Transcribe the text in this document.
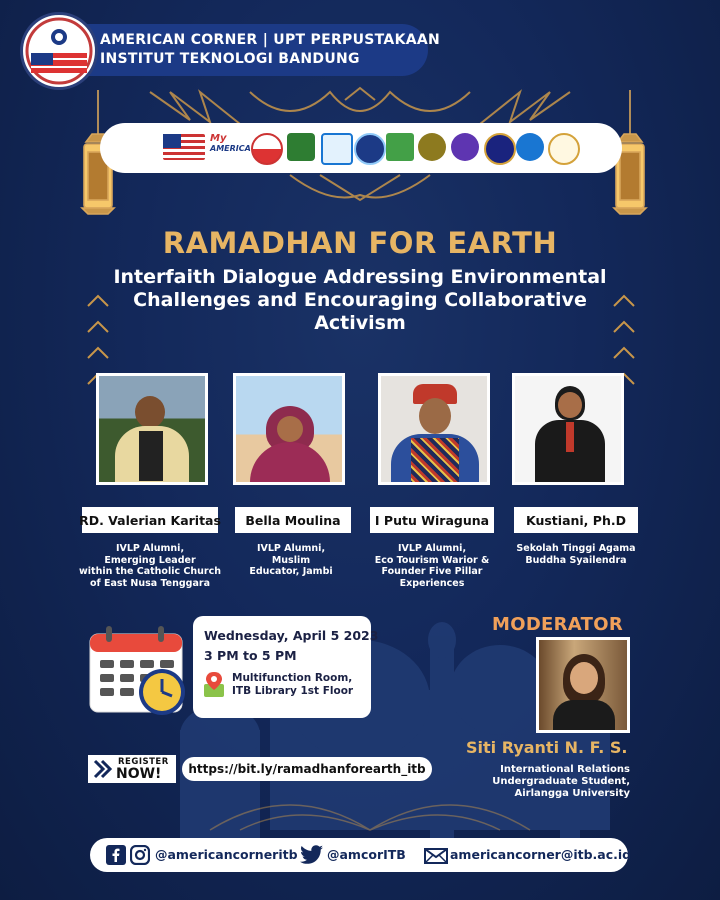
AMERICAN CORNER | UPT PERPUSTAKAAN
INSTITUT TEKNOLOGI BANDUNG
My
AMERICA
RAMADHAN FOR EARTH
Interfaith Dialogue Addressing Environmental Challenges and Encouraging Collaborative Activism
RD. Valerian Karitas	Bella Moulina	I Putu Wiraguna	Kustiani, Ph.D
IVLP Alumni,
Emerging Leader
within the Catholic Church
of East Nusa Tenggara
IVLP Alumni,
Muslim
Educator, Jambi
IVLP Alumni,
Eco Tourism Warior &
Founder Five Pillar
Experiences
Sekolah Tinggi Agama
Buddha Syailendra
Wednesday, April 5 2023
3 PM to 5 PM
Multifunction Room,
ITB Library 1st Floor
REGISTER
NOW!	https://bit.ly/ramadhanforearth_itb
MODERATOR
Siti Ryanti N. F. S.
International Relations
Undergraduate Student,
Airlangga University
@americancorneritb @amcorITB	americancorner@itb.ac.id
